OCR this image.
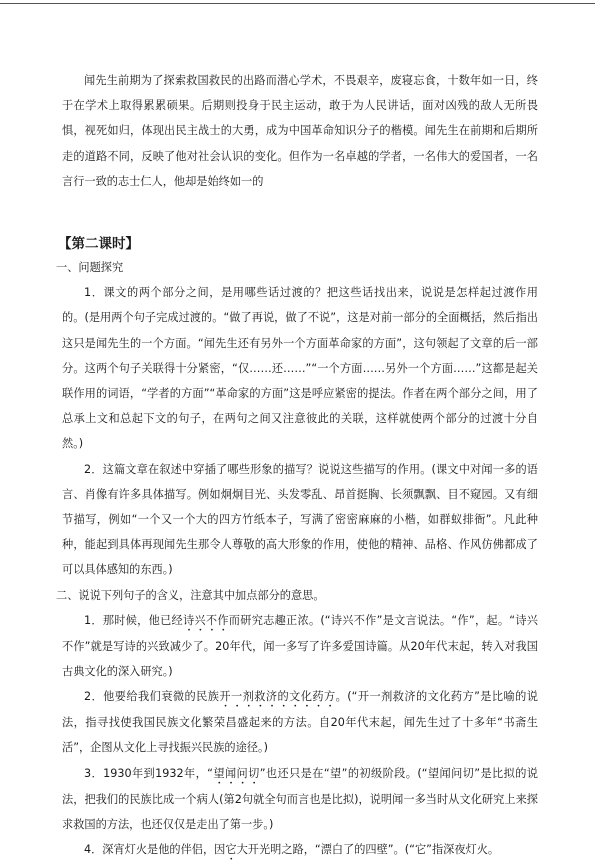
闻先生前期为了探索救国救民的出路而潜心学术，不畏艰辛，废寝忘食，十数年如一日，终于在学术上取得累累硕果。后期则投身于民主运动，敢于为人民讲话，面对凶残的敌人无所畏惧，视死如归，体现出民主战士的大勇，成为中国革命知识分子的楷模。闻先生在前期和后期所走的道路不同，反映了他对社会认识的变化。但作为一名卓越的学者，一名伟大的爱国者，一名言行一致的志士仁人，他却是始终如一的

【第二课时】

一、问题探究

1．课文的两个部分之间，是用哪些话过渡的？把这些话找出来，说说是怎样起过渡作用的。(是用两个句子完成过渡的。“做了再说，做了不说”，这是对前一部分的全面概括，然后指出这只是闻先生的一个方面。“闻先生还有另外一个方面革命家的方面”，这句领起了文章的后一部分。这两个句子关联得十分紧密，“仅……还……”“一个方面……另外一个方面……”这都是起关联作用的词语，“学者的方面”“革命家的方面”这是呼应紧密的提法。作者在两个部分之间，用了总承上文和总起下文的句子，在两句之间又注意彼此的关联，这样就使两个部分的过渡十分自然。)

2．这篇文章在叙述中穿插了哪些形象的描写？说说这些描写的作用。(课文中对闻一多的语言、肖像有许多具体描写。例如炯炯目光、头发零乱、昂首挺胸、长须飘飘、目不窥园。又有细节描写，例如“一个又一个大的四方竹纸本子，写满了密密麻麻的小楷，如群蚁排衙”。凡此种种，能起到具体再现闻先生那令人尊敬的高大形象的作用，使他的精神、品格、作风仿佛都成了可以具体感知的东西。)

二、说说下列句子的含义，注意其中加点部分的意思。

1．那时候，他已经诗兴不作而研究志趣正浓。(“诗兴不作”是文言说法。“作”，起。“诗兴不作”就是写诗的兴致减少了。20年代，闻一多写了许多爱国诗篇。从20年代末起，转入对我国古典文化的深入研究。)

2．他要给我们衰微的民族开一剂救济的文化药方。(“开一剂救济的文化药方”是比喻的说法，指寻找使我国民族文化繁荣昌盛起来的方法。自20年代末起，闻先生过了十多年“书斋生活”，企图从文化上寻找振兴民族的途径。)

3．1930年到1932年，“望闻问切”也还只是在“望”的初级阶段。(“望闻问切”是比拟的说法，把我们的民族比成一个病人(第2句就全句而言也是比拟)，说明闻一多当时从文化研究上来探求救国的方法，也还仅仅是走出了第一步。)

4．深宵灯火是他的伴侣，因它大开光明之路，“漂白了的四壁”。(“它”指深夜灯火。
